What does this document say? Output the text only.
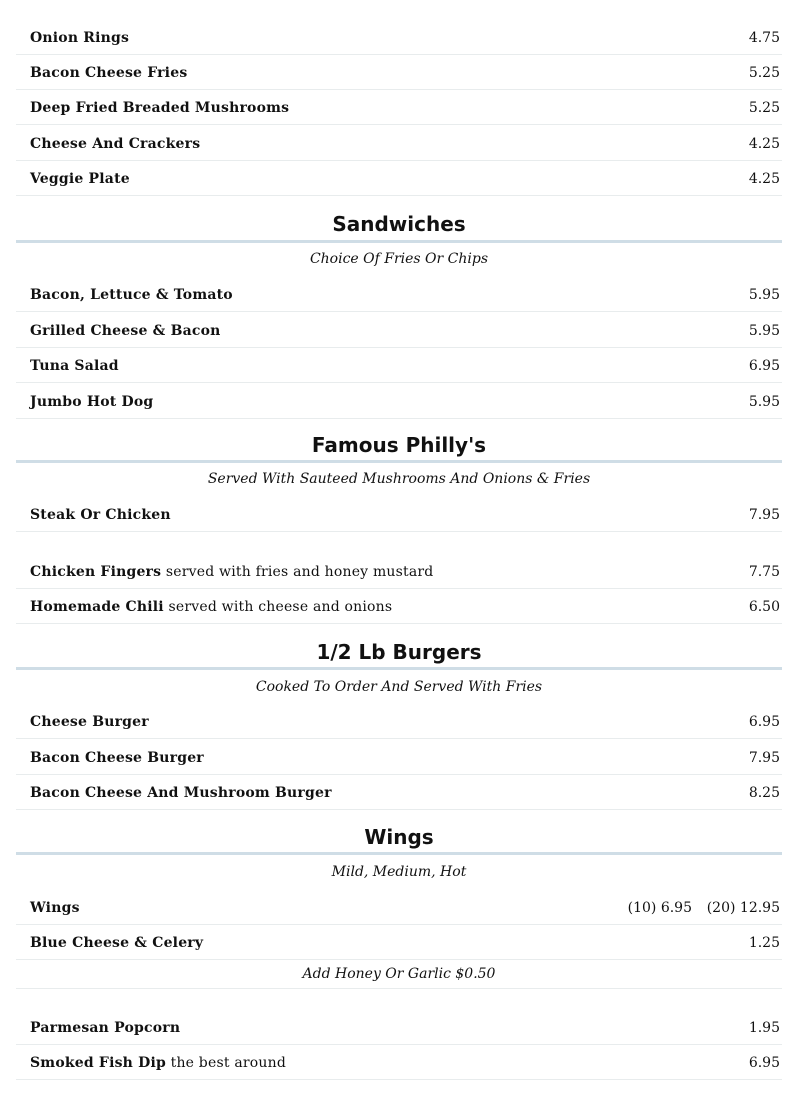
Onion Rings	4.75
Bacon Cheese Fries	5.25
Deep Fried Breaded Mushrooms	5.25
Cheese And Crackers	4.25
Veggie Plate	4.25
Sandwiches
Choice Of Fries Or Chips
Bacon, Lettuce & Tomato	5.95
Grilled Cheese & Bacon	5.95
Tuna Salad	6.95
Jumbo Hot Dog	5.95
Famous Philly's
Served With Sauteed Mushrooms And Onions & Fries
Steak Or Chicken	7.95
Chicken Fingers served with fries and honey mustard	7.75
Homemade Chili served with cheese and onions	6.50
1/2 Lb Burgers
Cooked To Order And Served With Fries
Cheese Burger	6.95
Bacon Cheese Burger	7.95
Bacon Cheese And Mushroom Burger	8.25
Wings
Mild, Medium, Hot
Wings	(10) 6.95 (20) 12.95
Blue Cheese & Celery	1.25
Add Honey Or Garlic $0.50
Parmesan Popcorn	1.95
Smoked Fish Dip the best around	6.95
